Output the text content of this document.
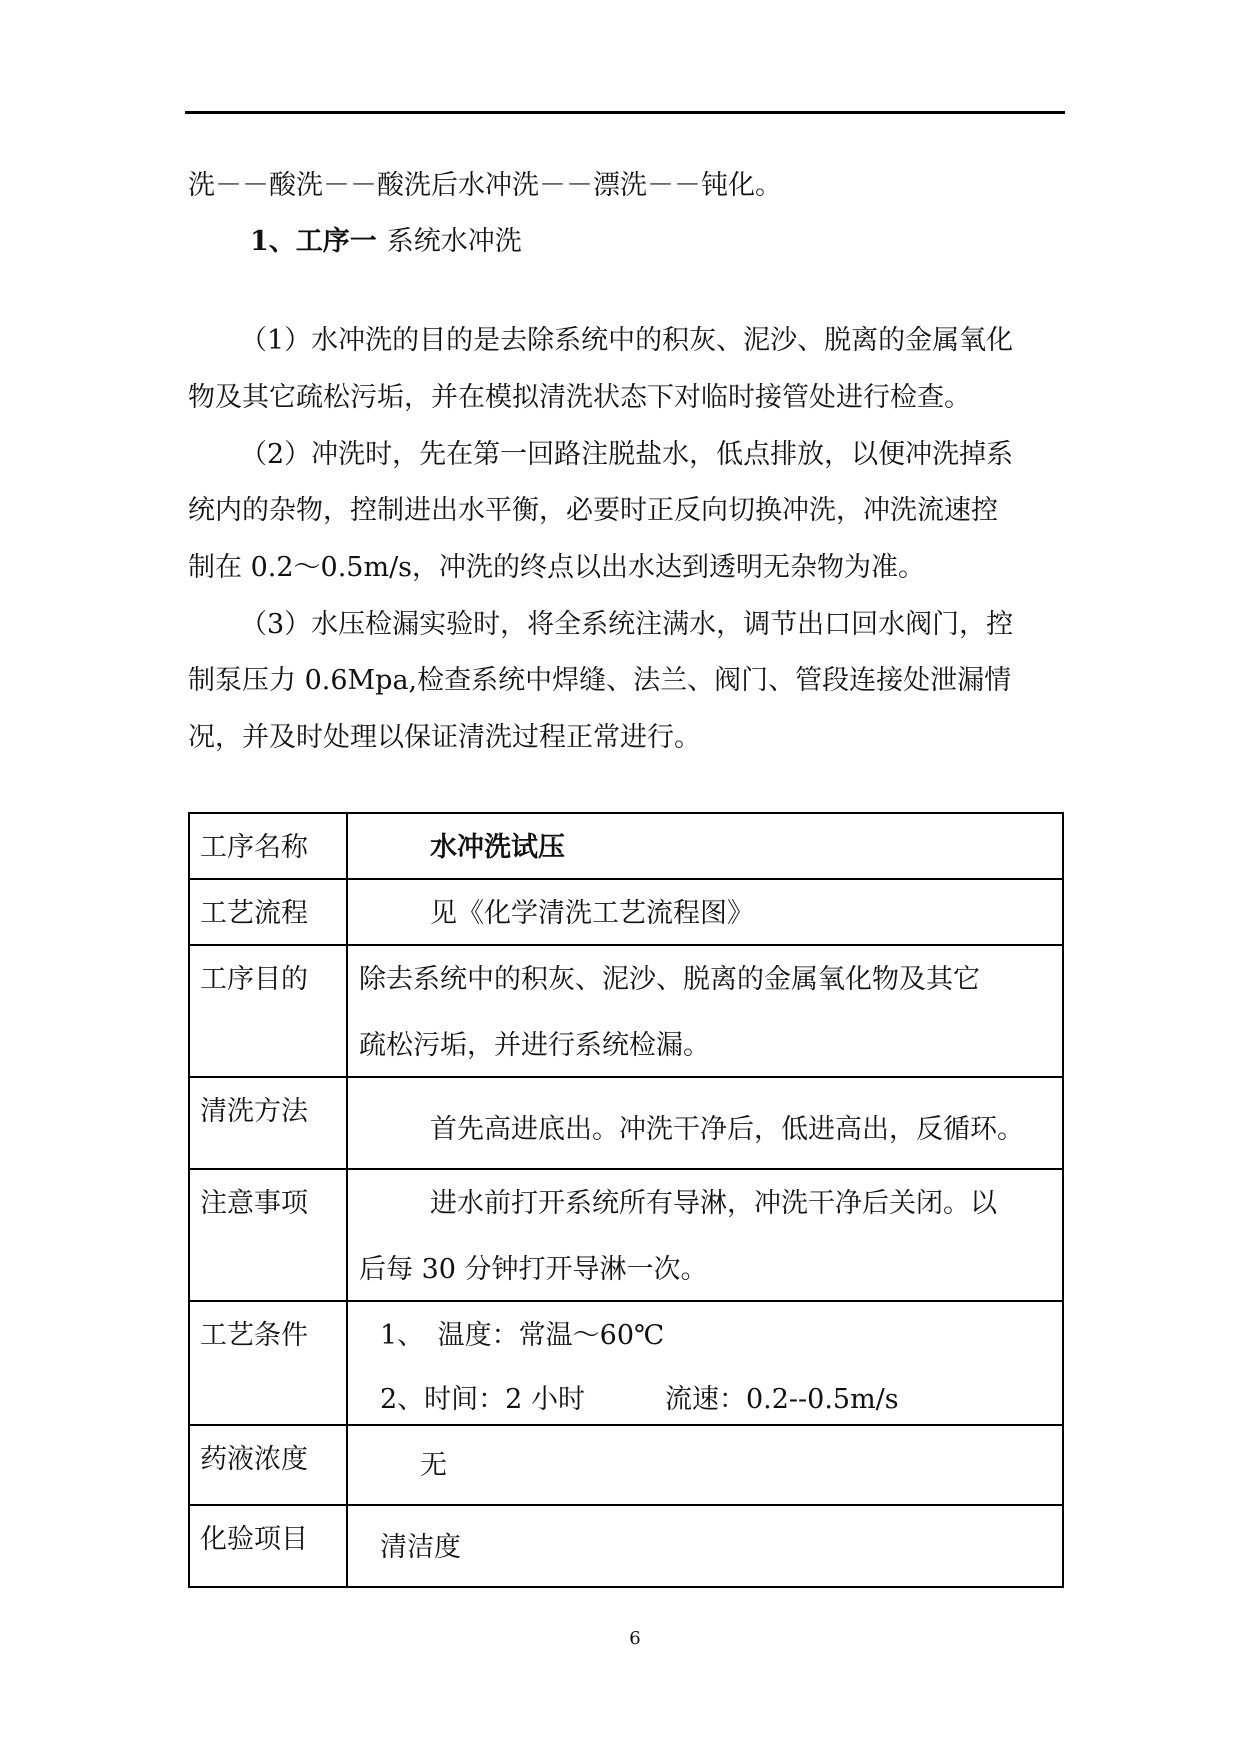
洗－－酸洗－－酸洗后水冲洗－－漂洗－－钝化。
1、工序一 系统水冲洗
（1）水冲洗的目的是去除系统中的积灰、泥沙、脱离的金属氧化
物及其它疏松污垢，并在模拟清洗状态下对临时接管处进行检查。
（2）冲洗时，先在第一回路注脱盐水，低点排放，以便冲洗掉系
统内的杂物，控制进出水平衡，必要时正反向切换冲洗，冲洗流速控
制在 0.2～0.5m/s，冲洗的终点以出水达到透明无杂物为准。
（3）水压检漏实验时，将全系统注满水，调节出口回水阀门，控
制泵压力 0.6Mpa,检查系统中焊缝、法兰、阀门、管段连接处泄漏情
况，并及时处理以保证清洗过程正常进行。
工序名称	水冲洗试压

工艺流程	见《化学清洗工艺流程图》

工序目的	除去系统中的积灰、泥沙、脱离的金属氧化物及其它
疏松污垢，并进行系统检漏。

清洗方法	首先高进底出。冲洗干净后，低进高出，反循环。

注意事项	进水前打开系统所有导淋，冲洗干净后关闭。以
后每 30 分钟打开导淋一次。

工艺条件	1、　温度：常温～60℃
2、时间：2 小时 流速：0.2--0.5m/s

药液浓度	无

化验项目	清洁度
6
